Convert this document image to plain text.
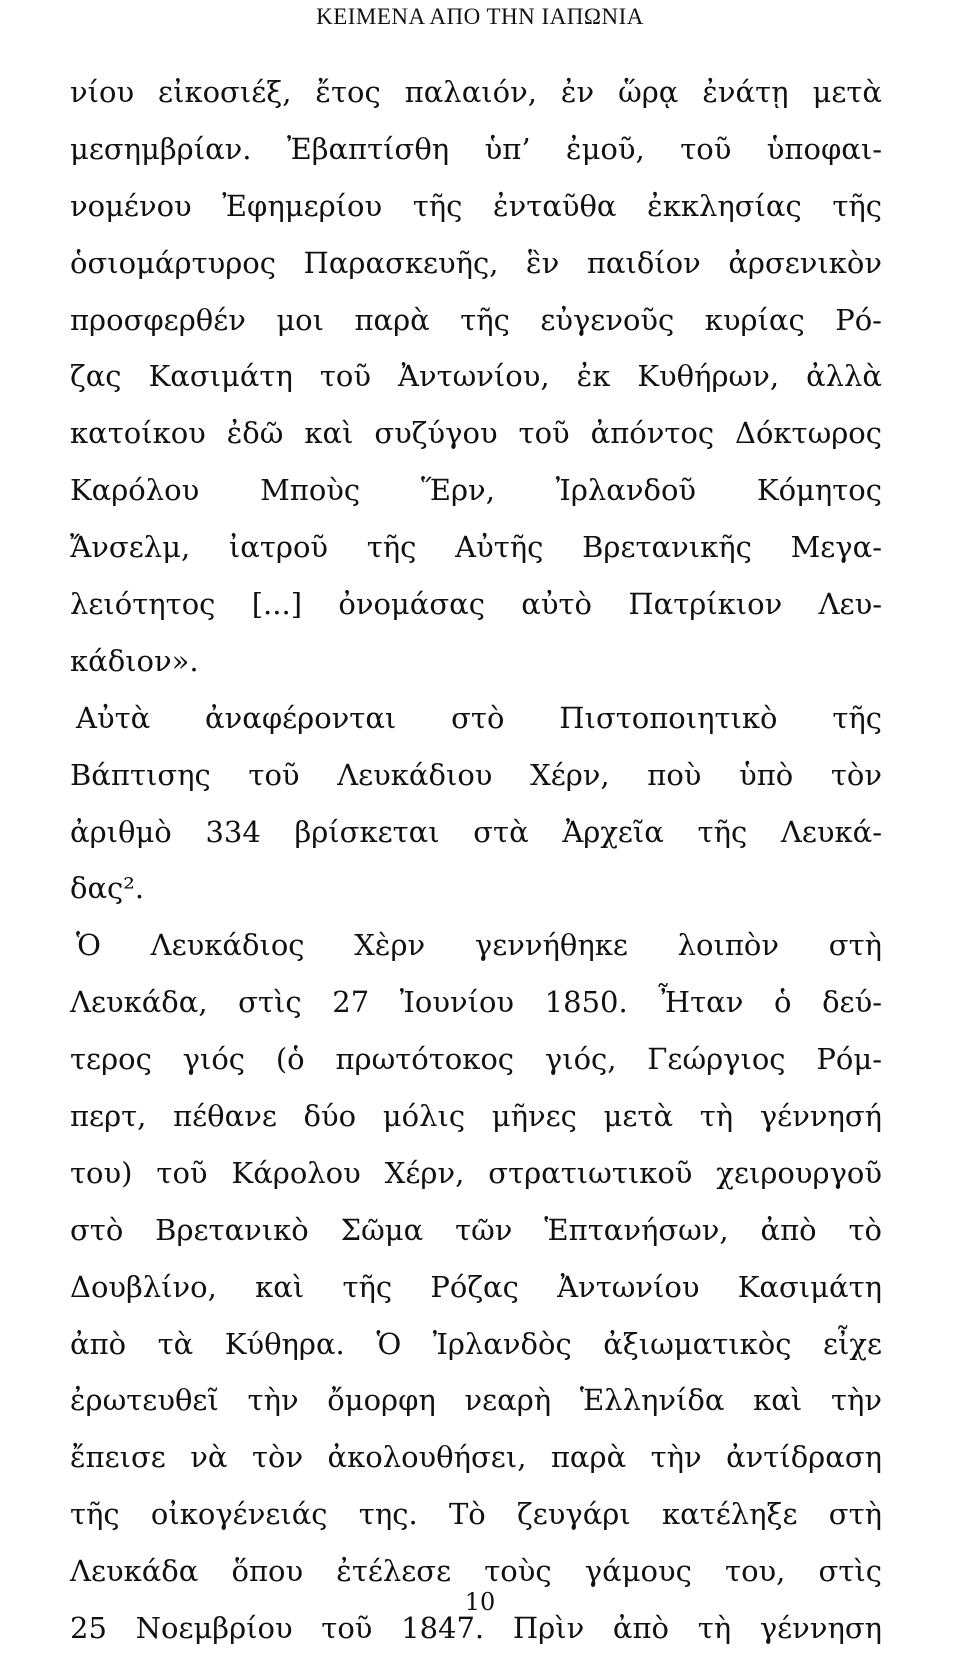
ΚΕΙΜΕΝΑ ΑΠΟ ΤΗΝ ΙΑΠΩΝΙΑ
νίου εἰκοσιέξ, ἔτος παλαιόν, ἐν ὥρᾳ ἐνάτῃ μετὰ
μεσημβρίαν. Ἐβαπτίσθη ὑπ’ ἐμοῦ, τοῦ ὑποφαι-
νομένου Ἐφημερίου τῆς ἐνταῦθα ἐκκλησίας τῆς
ὁσιομάρτυρος Παρασκευῆς, ἓν παιδίον ἀρσενικὸν
προσφερθέν μοι παρὰ τῆς εὐγενοῦς κυρίας Ρό-
ζας Κασιμάτη τοῦ Ἀντωνίου, ἐκ Κυθήρων, ἀλλὰ
κατοίκου ἐδῶ καὶ συζύγου τοῦ ἀπόντος Δόκτωρος
Καρόλου Μποὺς Ἕρν, Ἰρλανδοῦ Κόμητος
Ἄνσελμ, ἰατροῦ τῆς Αὐτῆς Βρετανικῆς Μεγα-
λειότητος [...] ὀνομάσας αὐτὸ Πατρίκιον Λευ-
κάδιον».
Αὐτὰ ἀναφέρονται στὸ Πιστοποιητικὸ τῆς
Βάπτισης τοῦ Λευκάδιου Χέρν, ποὺ ὑπὸ τὸν
ἀριθμὸ 334 βρίσκεται στὰ Ἀρχεῖα τῆς Λευκά-
δας².
Ὁ Λευκάδιος Χὲρν γεννήθηκε λοιπὸν στὴ
Λευκάδα, στὶς 27 Ἰουνίου 1850. Ἦταν ὁ δεύ-
τερος γιός (ὁ πρωτότοκος γιός, Γεώργιος Ρόμ-
περτ, πέθανε δύο μόλις μῆνες μετὰ τὴ γέννησή
του) τοῦ Κάρολου Χέρν, στρατιωτικοῦ χειρουργοῦ
στὸ Βρετανικὸ Σῶμα τῶν Ἑπτανήσων, ἀπὸ τὸ
Δουβλίνο, καὶ τῆς Ρόζας Ἀντωνίου Κασιμάτη
ἀπὸ τὰ Κύθηρα. Ὁ Ἰρλανδὸς ἀξιωματικὸς εἶχε
ἐρωτευθεῖ τὴν ὄμορφη νεαρὴ Ἑλληνίδα καὶ τὴν
ἔπεισε νὰ τὸν ἀκολουθήσει, παρὰ τὴν ἀντίδραση
τῆς οἰκογένειάς της. Τὸ ζευγάρι κατέληξε στὴ
Λευκάδα ὅπου ἐτέλεσε τοὺς γάμους του, στὶς
25 Νοεμβρίου τοῦ 1847. Πρὶν ἀπὸ τὴ γέννηση
10
